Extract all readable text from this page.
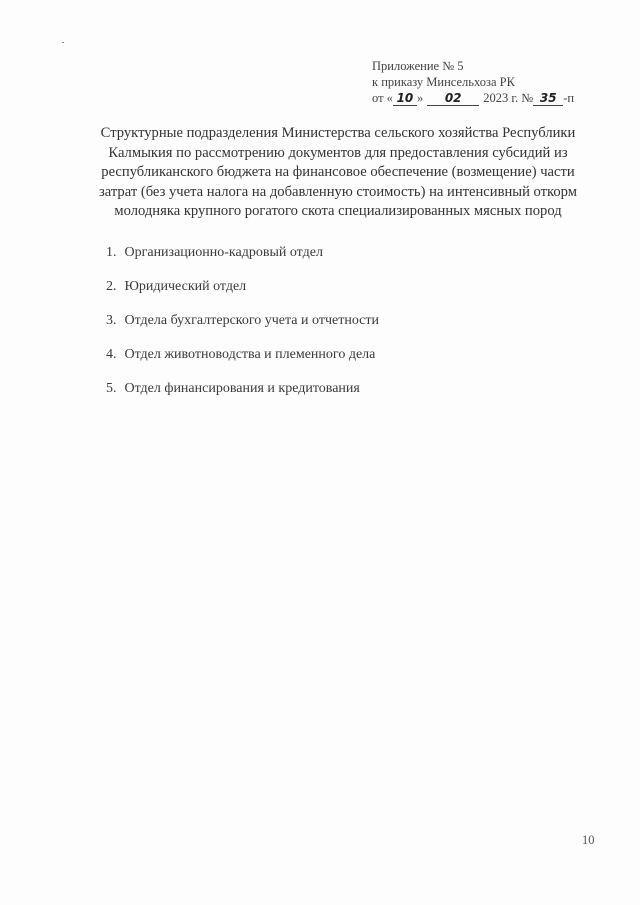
Приложение № 5
к приказу Минсельхоза РК
от « 10 » 02 2023 г. № 35 -п
Структурные подразделения Министерства сельского хозяйства Республики
Калмыкия по рассмотрению документов для предоставления субсидий из
республиканского бюджета на финансовое обеспечение (возмещение) части
затрат (без учета налога на добавленную стоимость) на интенсивный откорм
молодняка крупного рогатого скота специализированных мясных пород
1. Организационно-кадровый отдел
2. Юридический отдел
3. Отдела бухгалтерского учета и отчетности
4. Отдел животноводства и племенного дела
5. Отдел финансирования и кредитования
10
